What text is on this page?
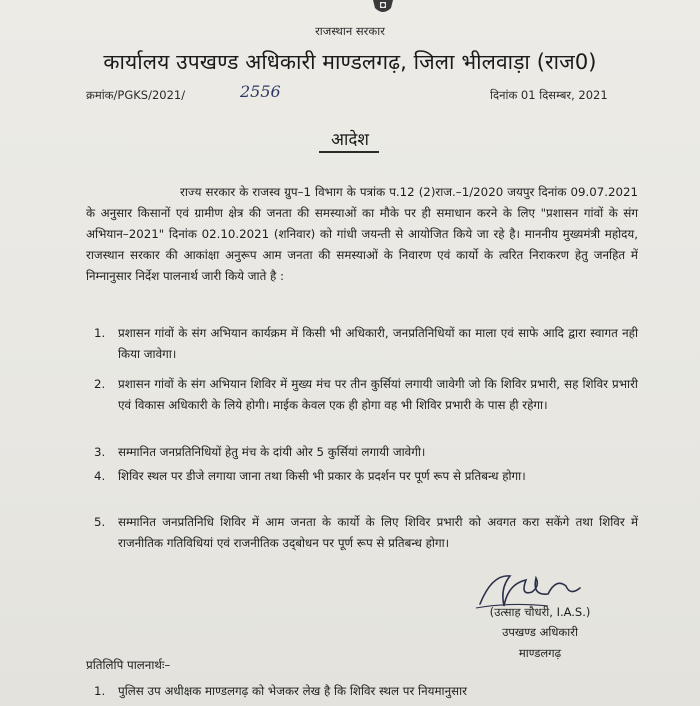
राजस्थान सरकार
कार्यालय उपखण्ड अधिकारी माण्डलगढ़, जिला भीलवाड़ा (राज0)
क्रमांक/PGKS/2021/	2556	दिनांक 01 दिसम्बर, 2021
आदेश
राज्य सरकार के राजस्व ग्रुप–1 विभाग के पत्रांक प.12 (2)राज.–1/2020 जयपुर दिनांक 09.07.2021 के अनुसार किसानों एवं ग्रामीण क्षेत्र की जनता की समस्याओं का मौके पर ही समाधान करने के लिए "प्रशासन गांवों के संग अभियान–2021" दिनांक 02.10.2021 (शनिवार) को गांधी जयन्ती से आयोजित किये जा रहे है। माननीय मुख्यमंत्री महोदय, राजस्थान सरकार की आकांक्षा अनुरूप आम जनता की समस्याओं के निवारण एवं कार्यो के त्वरित निराकरण हेतु जनहित में निम्नानुसार निर्देश पालनार्थ जारी किये जाते है :
1. प्रशासन गांवों के संग अभियान कार्यक्रम में किसी भी अधिकारी, जनप्रतिनिधियों का माला एवं साफे आदि द्वारा स्वागत नही किया जावेगा।
2. प्रशासन गांवों के संग अभियान शिविर में मुख्य मंच पर तीन कुर्सियां लगायी जावेगी जो कि शिविर प्रभारी, सह शिविर प्रभारी एवं विकास अधिकारी के लिये होगी। माईक केवल एक ही होगा वह भी शिविर प्रभारी के पास ही रहेगा।
3. सम्मानित जनप्रतिनिधियों हेतु मंच के दांयी ओर 5 कुर्सियां लगायी जावेगी।
4. शिविर स्थल पर डीजे लगाया जाना तथा किसी भी प्रकार के प्रदर्शन पर पूर्ण रूप से प्रतिबन्ध होगा।
5. सम्मानित जनप्रतिनिधि शिविर में आम जनता के कार्यो के लिए शिविर प्रभारी को अवगत करा सकेंगे तथा शिविर में राजनीतिक गतिविधियां एवं राजनीतिक उद्‌बोधन पर पूर्ण रूप से प्रतिबन्ध होगा।
(उत्साह चौधरी, I.A.S.)
उपखण्ड अधिकारी
माण्डलगढ़
प्रतिलिपि पालनार्थः–
1. पुलिस उप अधीक्षक माण्डलगढ़ को भेजकर लेख है कि शिविर स्थल पर नियमानुसार
